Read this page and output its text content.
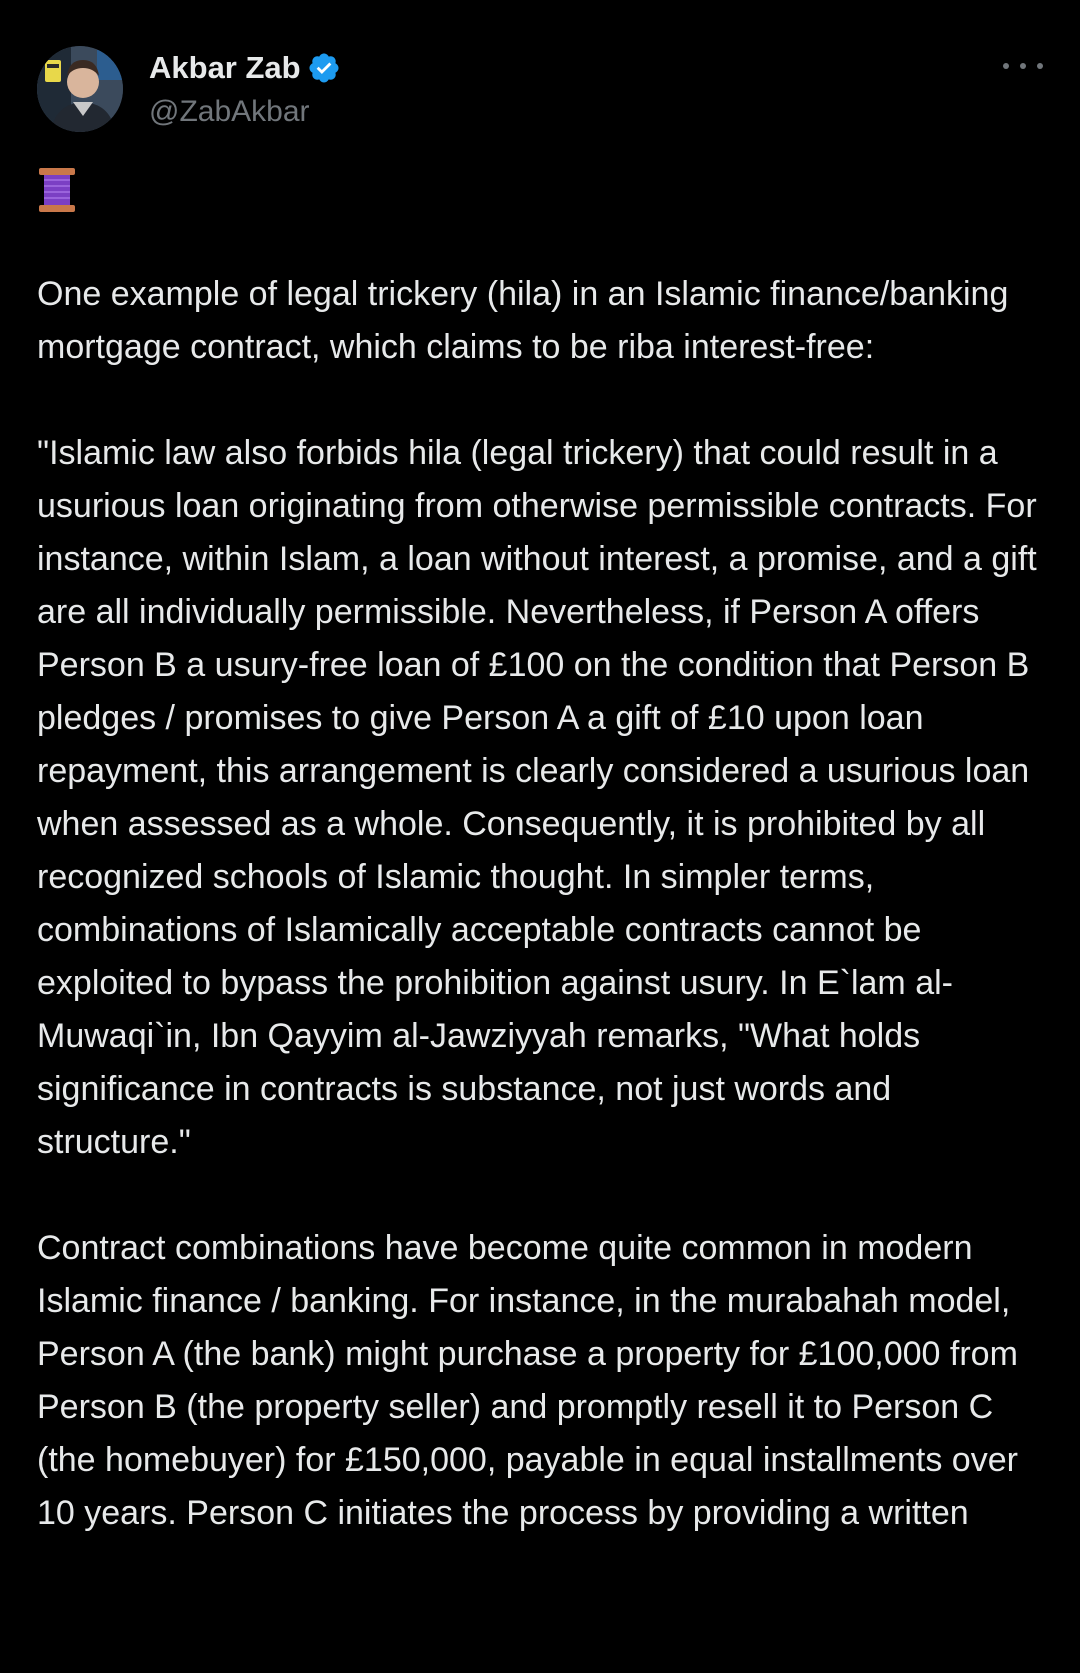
Akbar Zab
@ZabAkbar

One example of legal trickery (hila) in an Islamic finance/banking mortgage contract, which claims to be riba interest-free:

"Islamic law also forbids hila (legal trickery) that could result in a usurious loan originating from otherwise permissible contracts. For instance, within Islam, a loan without interest, a promise, and a gift are all individually permissible. Nevertheless, if Person A offers Person B a usury-free loan of £100 on the condition that Person B pledges / promises to give Person A a gift of £10 upon loan repayment, this arrangement is clearly considered a usurious loan when assessed as a whole. Consequently, it is prohibited by all recognized schools of Islamic thought. In simpler terms, combinations of Islamically acceptable contracts cannot be exploited to bypass the prohibition against usury. In E`lam al-Muwaqi`in, Ibn Qayyim al-Jawziyyah remarks, "What holds significance in contracts is substance, not just words and structure."

Contract combinations have become quite common in modern Islamic finance / banking. For instance, in the murabahah model, Person A (the bank) might purchase a property for £100,000 from Person B (the property seller) and promptly resell it to Person C (the homebuyer) for £150,000, payable in equal installments over 10 years. Person C initiates the process by providing a written
